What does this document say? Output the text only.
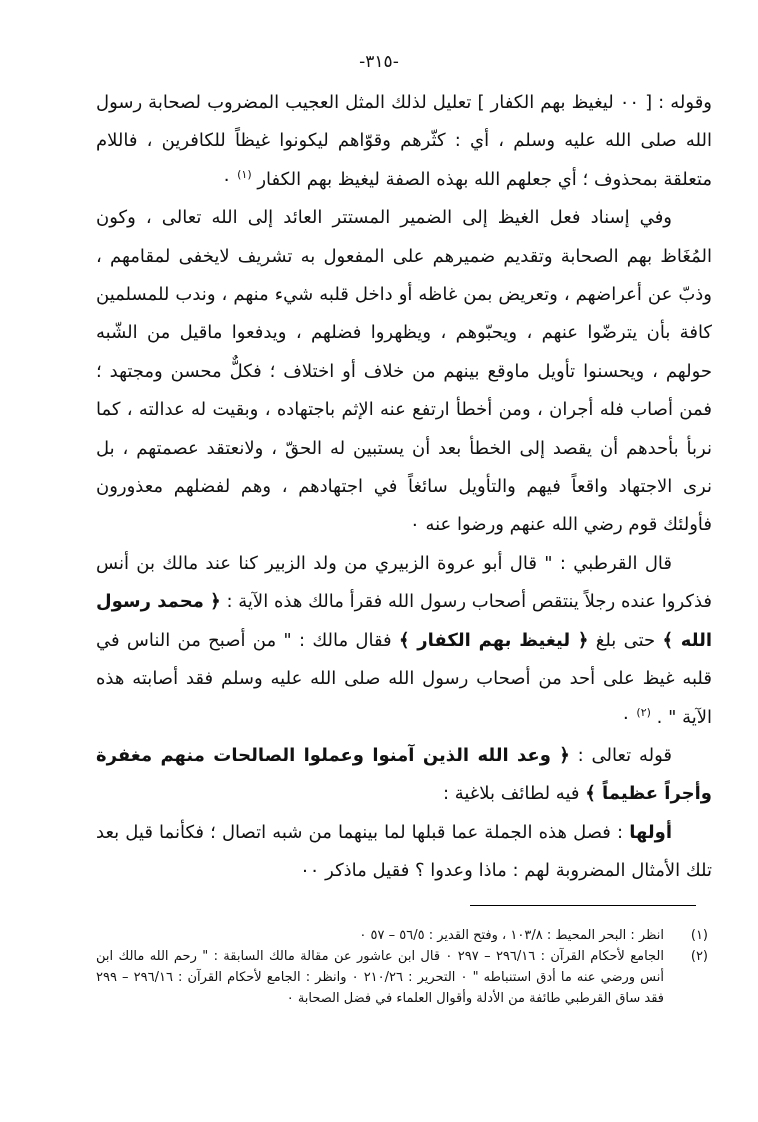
-٣١٥-

وقوله : [ ٠٠ ليغيظ بهم الكفار ] تعليل لذلك المثل العجيب المضروب لصحابة رسول الله صلى الله عليه وسلم ، أي : كثّرهم وقوّاهم ليكونوا غيظاً للكافرين ، فاللام متعلقة بمحذوف ؛ أي جعلهم الله بهذه الصفة ليغيظ بهم الكفار $^{(١)}$ ٠

وفي إسناد فعل الغيظ إلى الضمير المستتر العائد إلى الله تعالى ، وكون المُغَاظ بهم الصحابة وتقديم ضميرهم على المفعول به تشريف لايخفى لمقامهم ، وذبّ عن أعراضهم ، وتعريض بمن غاظه أو داخل قلبه شيء منهم ، وندب للمسلمين كافة بأن يترضّوا عنهم ، ويحبّوهم ، ويظهروا فضلهم ، ويدفعوا ماقيل من الشّبه حولهم ، ويحسنوا تأويل ماوقع بينهم من خلاف أو اختلاف ؛ فكلٌّ محسن ومجتهد ؛ فمن أصاب فله أجران ، ومن أخطأ ارتفع عنه الإثم باجتهاده ، وبقيت له عدالته ، كما نربأ بأحدهم أن يقصد إلى الخطأ بعد أن يستبين له الحقّ ، ولانعتقد عصمتهم ، بل نرى الاجتهاد واقعاً فيهم والتأويل سائغاً في اجتهادهم ، وهم لفضلهم معذورون فأولئك قوم رضي الله عنهم ورضوا عنه ٠

قال القرطبي : " قال أبو عروة الزبيري من ولد الزبير كنا عند مالك بن أنس فذكروا عنده رجلاً ينتقص أصحاب رسول الله فقرأ مالك هذه الآية : ﴿ محمد رسول الله ﴾ حتى بلغ ﴿ ليغيظ بهم الكفار ﴾ فقال مالك : " من أصبح من الناس في قلبه غيظ على أحد من أصحاب رسول الله صلى الله عليه وسلم فقد أصابته هذه الآية " . $^{(٢)}$ ٠

قوله تعالى : ﴿ وعد الله الذين آمنوا وعملوا الصالحات منهم مغفرة وأجراً عظيماً ﴾ فيه لطائف بلاغية :

أولها : فصل هذه الجملة عما قبلها لما بينهما من شبه اتصال ؛ فكأنما قيل بعد تلك الأمثال المضروبة لهم : ماذا وعدوا ؟ فقيل ماذكر ٠٠

(١)
انظر : البحر المحيط : ١٠٣/٨ ، وفتح القدير : ٥٦/٥ – ٥٧ ٠

(٢)
الجامع لأحكام القرآن : ٢٩٦/١٦ – ٢٩٧ ٠ قال ابن عاشور عن مقالة مالك السابقة : " رحم الله مالك ابن أنس ورضي عنه ما أدق استنباطه " ٠ التحرير : ٢١٠/٢٦ ٠ وانظر : الجامع لأحكام القرآن : ٢٩٦/١٦ – ٢٩٩ فقد ساق القرطبي طائفة من الأدلة وأقوال العلماء في فضل الصحابة ٠
